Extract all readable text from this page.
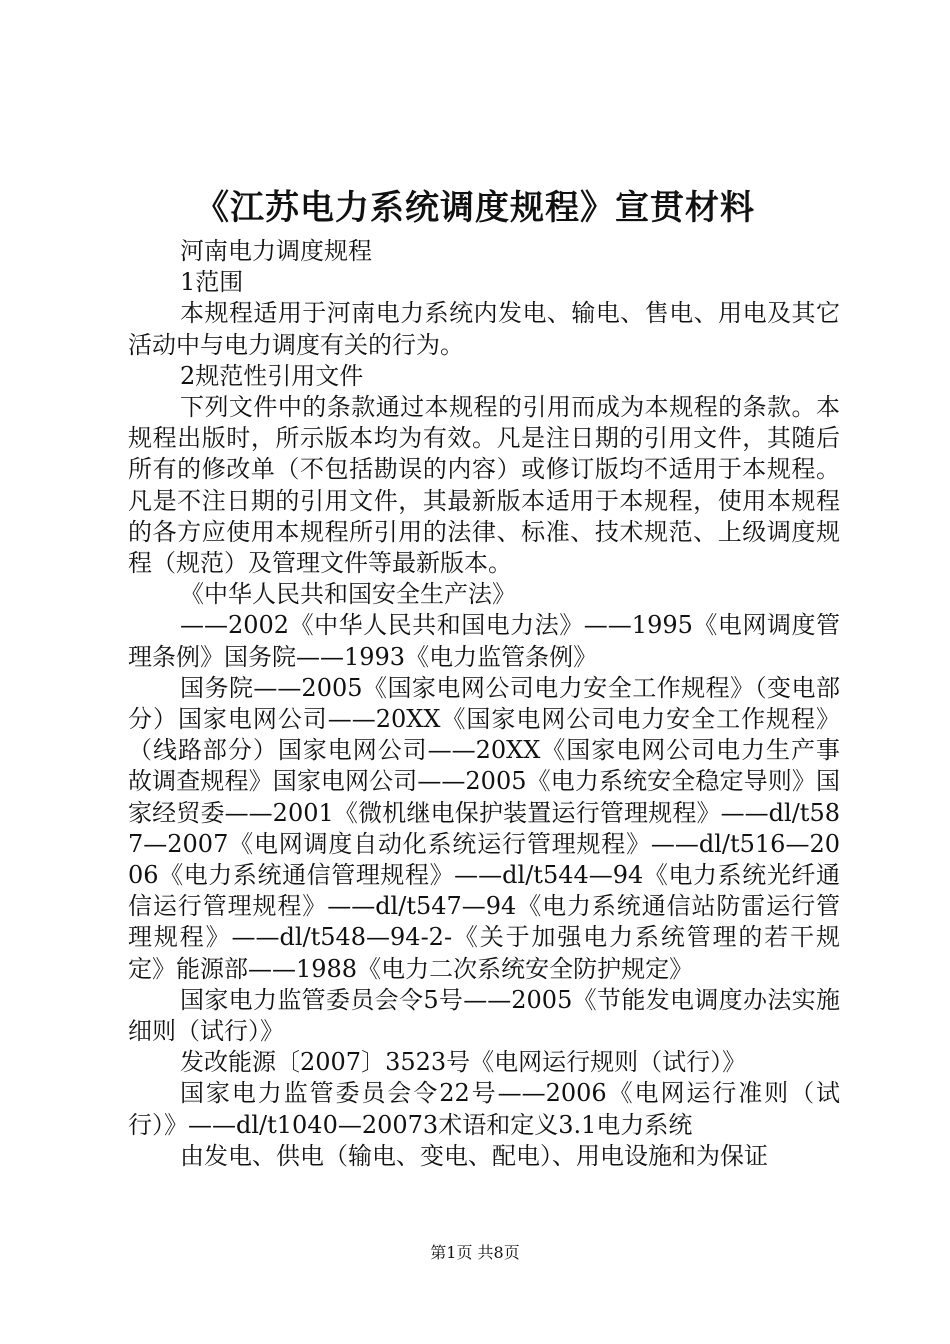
《江苏电力系统调度规程》宣贯材料

河南电力调度规程

1范围

本规程适用于河南电力系统内发电、输电、售电、用电及其它活动中与电力调度有关的行为。

2规范性引用文件

下列文件中的条款通过本规程的引用而成为本规程的条款。本规程出版时，所示版本均为有效。凡是注日期的引用文件，其随后所有的修改单（不包括勘误的内容）或修订版均不适用于本规程。凡是不注日期的引用文件，其最新版本适用于本规程，使用本规程的各方应使用本规程所引用的法律、标准、技术规范、上级调度规程（规范）及管理文件等最新版本。

《中华人民共和国安全生产法》

——2002《中华人民共和国电力法》——1995《电网调度管理条例》国务院——1993《电力监管条例》

国务院——2005《国家电网公司电力安全工作规程》（变电部分）国家电网公司——20XX《国家电网公司电力安全工作规程》（线路部分）国家电网公司——20XX《国家电网公司电力生产事故调查规程》国家电网公司——2005《电力系统安全稳定导则》国家经贸委——2001《微机继电保护装置运行管理规程》——dl/t587—2007《电网调度自动化系统运行管理规程》——dl/t516—2006《电力系统通信管理规程》——dl/t544—94《电力系统光纤通信运行管理规程》——dl/t547—94《电力系统通信站防雷运行管理规程》——dl/t548—94-2-《关于加强电力系统管理的若干规定》能源部——1988《电力二次系统安全防护规定》

国家电力监管委员会令5号——2005《节能发电调度办法实施细则（试行）》

发改能源〔2007〕3523号《电网运行规则（试行）》

国家电力监管委员会令22号——2006《电网运行准则（试行）》——dl/t1040—20073术语和定义3.1电力系统

由发电、供电（输电、变电、配电）、用电设施和为保证

第1页 共8页
